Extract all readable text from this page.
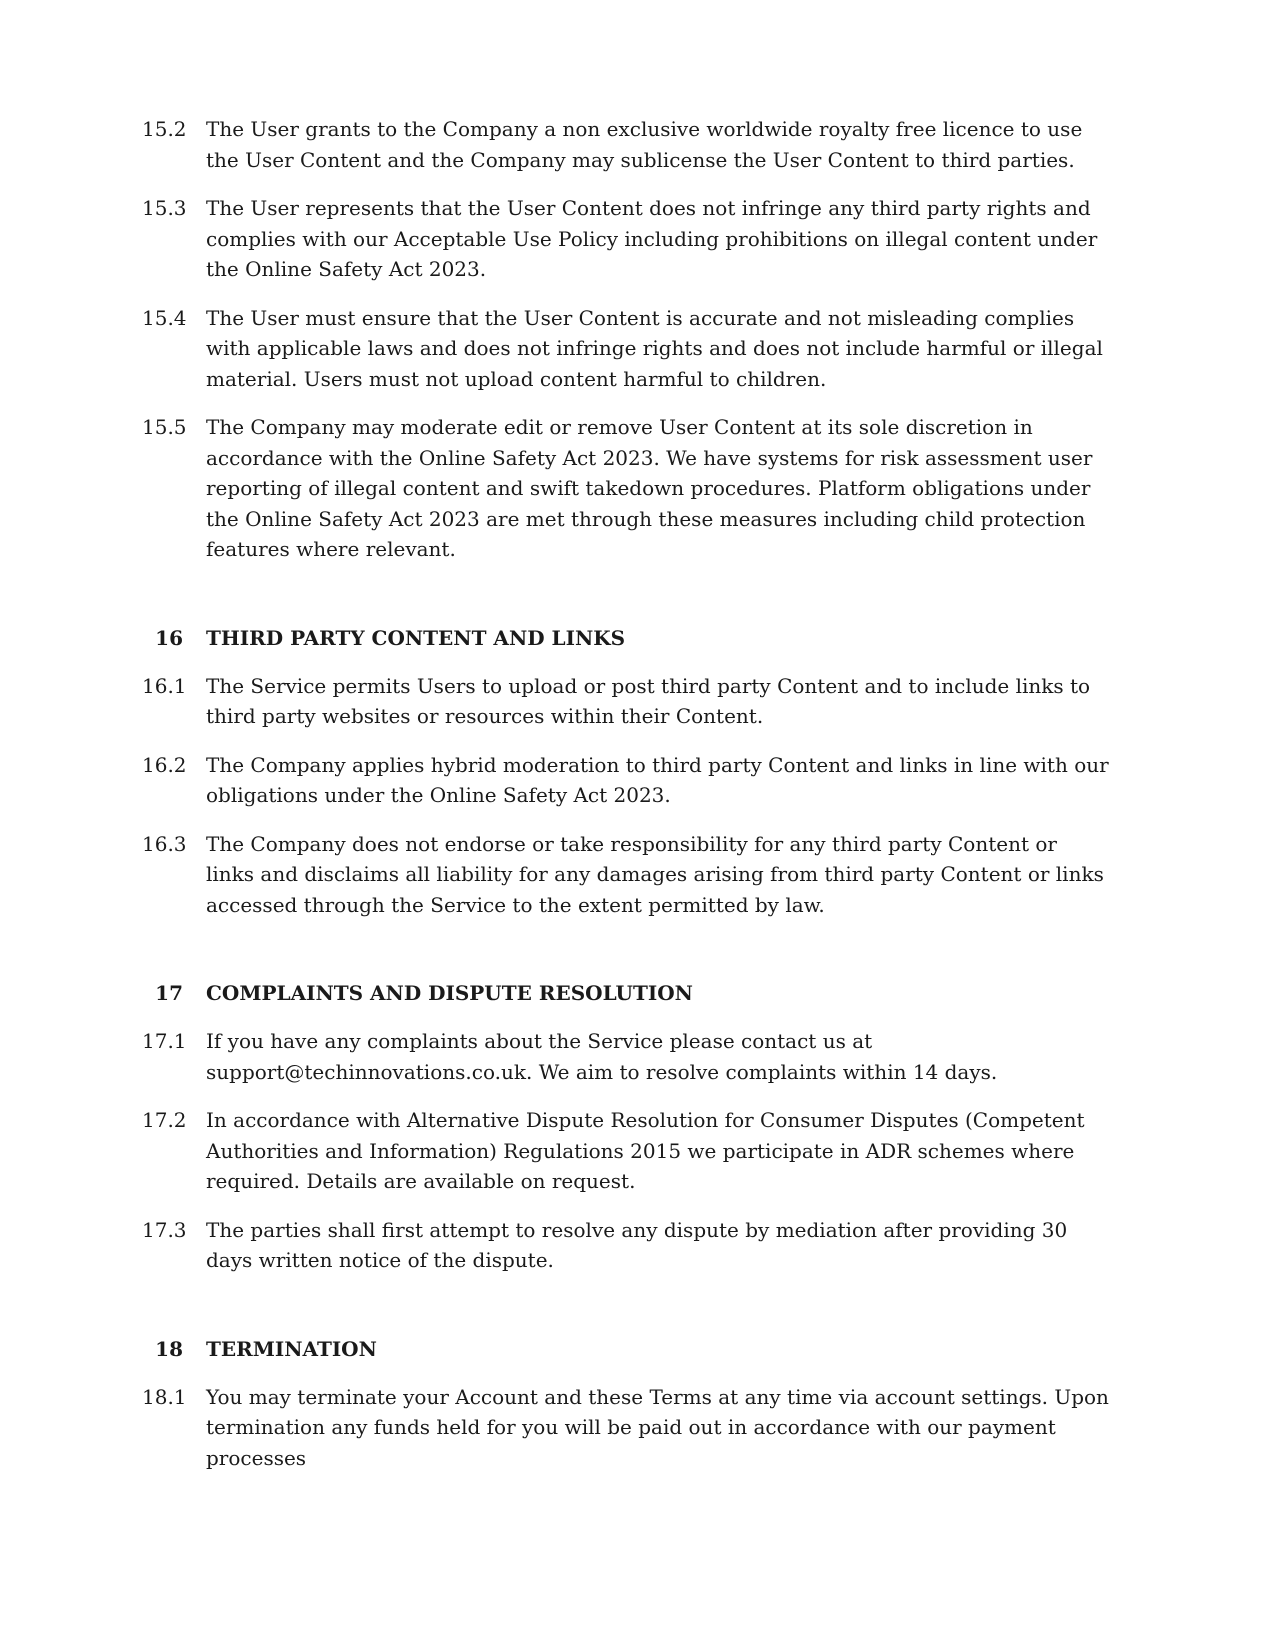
15.2 The User grants to the Company a non exclusive worldwide royalty free licence to use the User Content and the Company may sublicense the User Content to third parties.
15.3 The User represents that the User Content does not infringe any third party rights and complies with our Acceptable Use Policy including prohibitions on illegal content under the Online Safety Act 2023.
15.4 The User must ensure that the User Content is accurate and not misleading complies with applicable laws and does not infringe rights and does not include harmful or illegal material. Users must not upload content harmful to children.
15.5 The Company may moderate edit or remove User Content at its sole discretion in accordance with the Online Safety Act 2023. We have systems for risk assessment user reporting of illegal content and swift takedown procedures. Platform obligations under the Online Safety Act 2023 are met through these measures including child protection features where relevant.
16	THIRD PARTY CONTENT AND LINKS
16.1 The Service permits Users to upload or post third party Content and to include links to third party websites or resources within their Content.
16.2 The Company applies hybrid moderation to third party Content and links in line with our obligations under the Online Safety Act 2023.
16.3 The Company does not endorse or take responsibility for any third party Content or links and disclaims all liability for any damages arising from third party Content or links accessed through the Service to the extent permitted by law.
17	COMPLAINTS AND DISPUTE RESOLUTION
17.1 If you have any complaints about the Service please contact us at support@techinnovations.co.uk. We aim to resolve complaints within 14 days.
17.2 In accordance with Alternative Dispute Resolution for Consumer Disputes (Competent Authorities and Information) Regulations 2015 we participate in ADR schemes where required. Details are available on request.
17.3 The parties shall first attempt to resolve any dispute by mediation after providing 30 days written notice of the dispute.
18	TERMINATION
18.1 You may terminate your Account and these Terms at any time via account settings. Upon termination any funds held for you will be paid out in accordance with our payment processes
